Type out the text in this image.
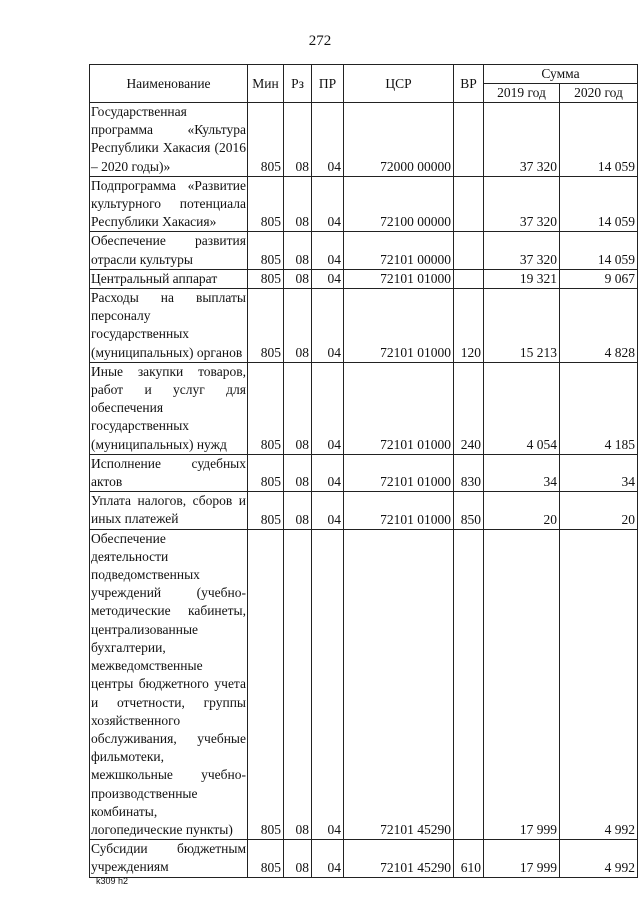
272
Наименование	Мин	Рз	ПР	ЦСР	ВР	Сумма	
						2019 год	2020 год
Государственная программа «Культура Республики Хакасия (2016 – 2020 годы)»	805	08	04	72000 00000		37 320	14 059
Подпрограмма «Развитие культурного потенциала Республики Хакасия»	805	08	04	72100 00000		37 320	14 059
Обеспечение развития отрасли культуры	805	08	04	72101 00000		37 320	14 059
Центральный аппарат	805	08	04	72101 01000		19 321	9 067
Расходы на выплаты персоналу государственных (муниципальных) органов	805	08	04	72101 01000	120	15 213	4 828
Иные закупки товаров, работ и услуг для обеспечения государственных (муниципальных) нужд	805	08	04	72101 01000	240	4 054	4 185
Исполнение судебных актов	805	08	04	72101 01000	830	34	34
Уплата налогов, сборов и иных платежей	805	08	04	72101 01000	850	20	20
Обеспечение деятельности подведомственных учреждений (учебно-методические кабинеты, централизованные бухгалтерии, межведомственные центры бюджетного учета и отчетности, группы хозяйственного обслуживания, учебные фильмотеки, межшкольные учебно-производственные комбинаты, логопедические пункты)	805	08	04	72101 45290		17 999	4 992
Субсидии бюджетным учреждениям	805	08	04	72101 45290	610	17 999	4 992
k309 h2
